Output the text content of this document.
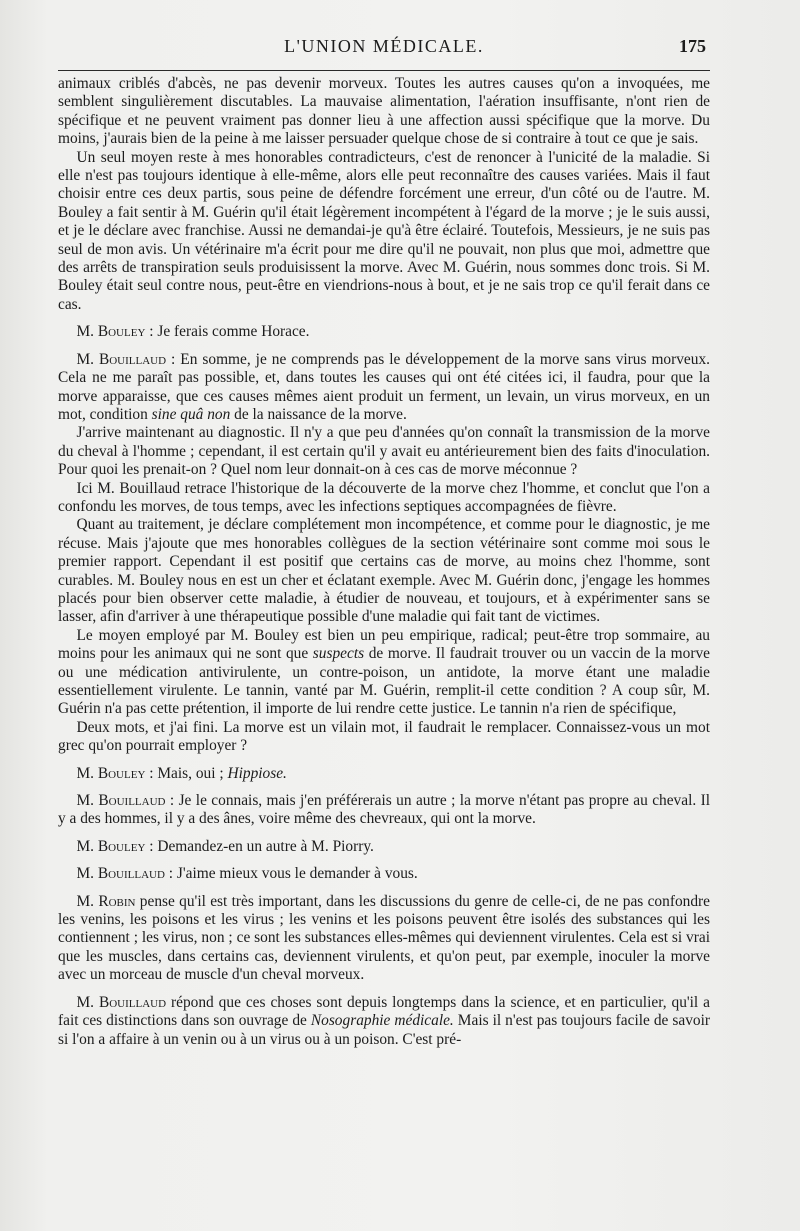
L'UNION MÉDICALE.	175

animaux criblés d'abcès, ne pas devenir morveux. Toutes les autres causes qu'on a invoquées, me semblent singulièrement discutables. La mauvaise alimentation, l'aération insuffisante, n'ont rien de spécifique et ne peuvent vraiment pas donner lieu à une affection aussi spécifique que la morve. Du moins, j'aurais bien de la peine à me laisser persuader quelque chose de si contraire à tout ce que je sais.

Un seul moyen reste à mes honorables contradicteurs, c'est de renoncer à l'unicité de la maladie. Si elle n'est pas toujours identique à elle-même, alors elle peut reconnaître des causes variées. Mais il faut choisir entre ces deux partis, sous peine de défendre forcément une erreur, d'un côté ou de l'autre. M. Bouley a fait sentir à M. Guérin qu'il était légèrement incompétent à l'égard de la morve ; je le suis aussi, et je le déclare avec franchise. Aussi ne demandai-je qu'à être éclairé. Toutefois, Messieurs, je ne suis pas seul de mon avis. Un vétérinaire m'a écrit pour me dire qu'il ne pouvait, non plus que moi, admettre que des arrêts de transpiration seuls produisissent la morve. Avec M. Guérin, nous sommes donc trois. Si M. Bouley était seul contre nous, peut-être en viendrions-nous à bout, et je ne sais trop ce qu'il ferait dans ce cas.

M. Bouley : Je ferais comme Horace.

M. Bouillaud : En somme, je ne comprends pas le développement de la morve sans virus morveux. Cela ne me paraît pas possible, et, dans toutes les causes qui ont été citées ici, il faudra, pour que la morve apparaisse, que ces causes mêmes aient produit un ferment, un levain, un virus morveux, en un mot, condition sine quâ non de la naissance de la morve.

J'arrive maintenant au diagnostic. Il n'y a que peu d'années qu'on connaît la transmission de la morve du cheval à l'homme ; cependant, il est certain qu'il y avait eu antérieurement bien des faits d'inoculation. Pour quoi les prenait-on ? Quel nom leur donnait-on à ces cas de morve méconnue ?

Ici M. Bouillaud retrace l'historique de la découverte de la morve chez l'homme, et conclut que l'on a confondu les morves, de tous temps, avec les infections septiques accompagnées de fièvre.

Quant au traitement, je déclare complétement mon incompétence, et comme pour le diagnostic, je me récuse. Mais j'ajoute que mes honorables collègues de la section vétérinaire sont comme moi sous le premier rapport. Cependant il est positif que certains cas de morve, au moins chez l'homme, sont curables. M. Bouley nous en est un cher et éclatant exemple. Avec M. Guérin donc, j'engage les hommes placés pour bien observer cette maladie, à étudier de nouveau, et toujours, et à expérimenter sans se lasser, afin d'arriver à une thérapeutique possible d'une maladie qui fait tant de victimes.

Le moyen employé par M. Bouley est bien un peu empirique, radical; peut-être trop sommaire, au moins pour les animaux qui ne sont que suspects de morve. Il faudrait trouver ou un vaccin de la morve ou une médication antivirulente, un contre-poison, un antidote, la morve étant une maladie essentiellement virulente. Le tannin, vanté par M. Guérin, remplit-il cette condition ? A coup sûr, M. Guérin n'a pas cette prétention, il importe de lui rendre cette justice. Le tannin n'a rien de spécifique,

Deux mots, et j'ai fini. La morve est un vilain mot, il faudrait le remplacer. Connaissez-vous un mot grec qu'on pourrait employer ?

M. Bouley : Mais, oui ; Hippiose.

M. Bouillaud : Je le connais, mais j'en préférerais un autre ; la morve n'étant pas propre au cheval. Il y a des hommes, il y a des ânes, voire même des chevreaux, qui ont la morve.

M. Bouley : Demandez-en un autre à M. Piorry.

M. Bouillaud : J'aime mieux vous le demander à vous.

M. Robin pense qu'il est très important, dans les discussions du genre de celle-ci, de ne pas confondre les venins, les poisons et les virus ; les venins et les poisons peuvent être isolés des substances qui les contiennent ; les virus, non ; ce sont les substances elles-mêmes qui deviennent virulentes. Cela est si vrai que les muscles, dans certains cas, deviennent virulents, et qu'on peut, par exemple, inoculer la morve avec un morceau de muscle d'un cheval morveux.

M. Bouillaud répond que ces choses sont depuis longtemps dans la science, et en particulier, qu'il a fait ces distinctions dans son ouvrage de Nosographie médicale. Mais il n'est pas toujours facile de savoir si l'on a affaire à un venin ou à un virus ou à un poison. C'est pré-
